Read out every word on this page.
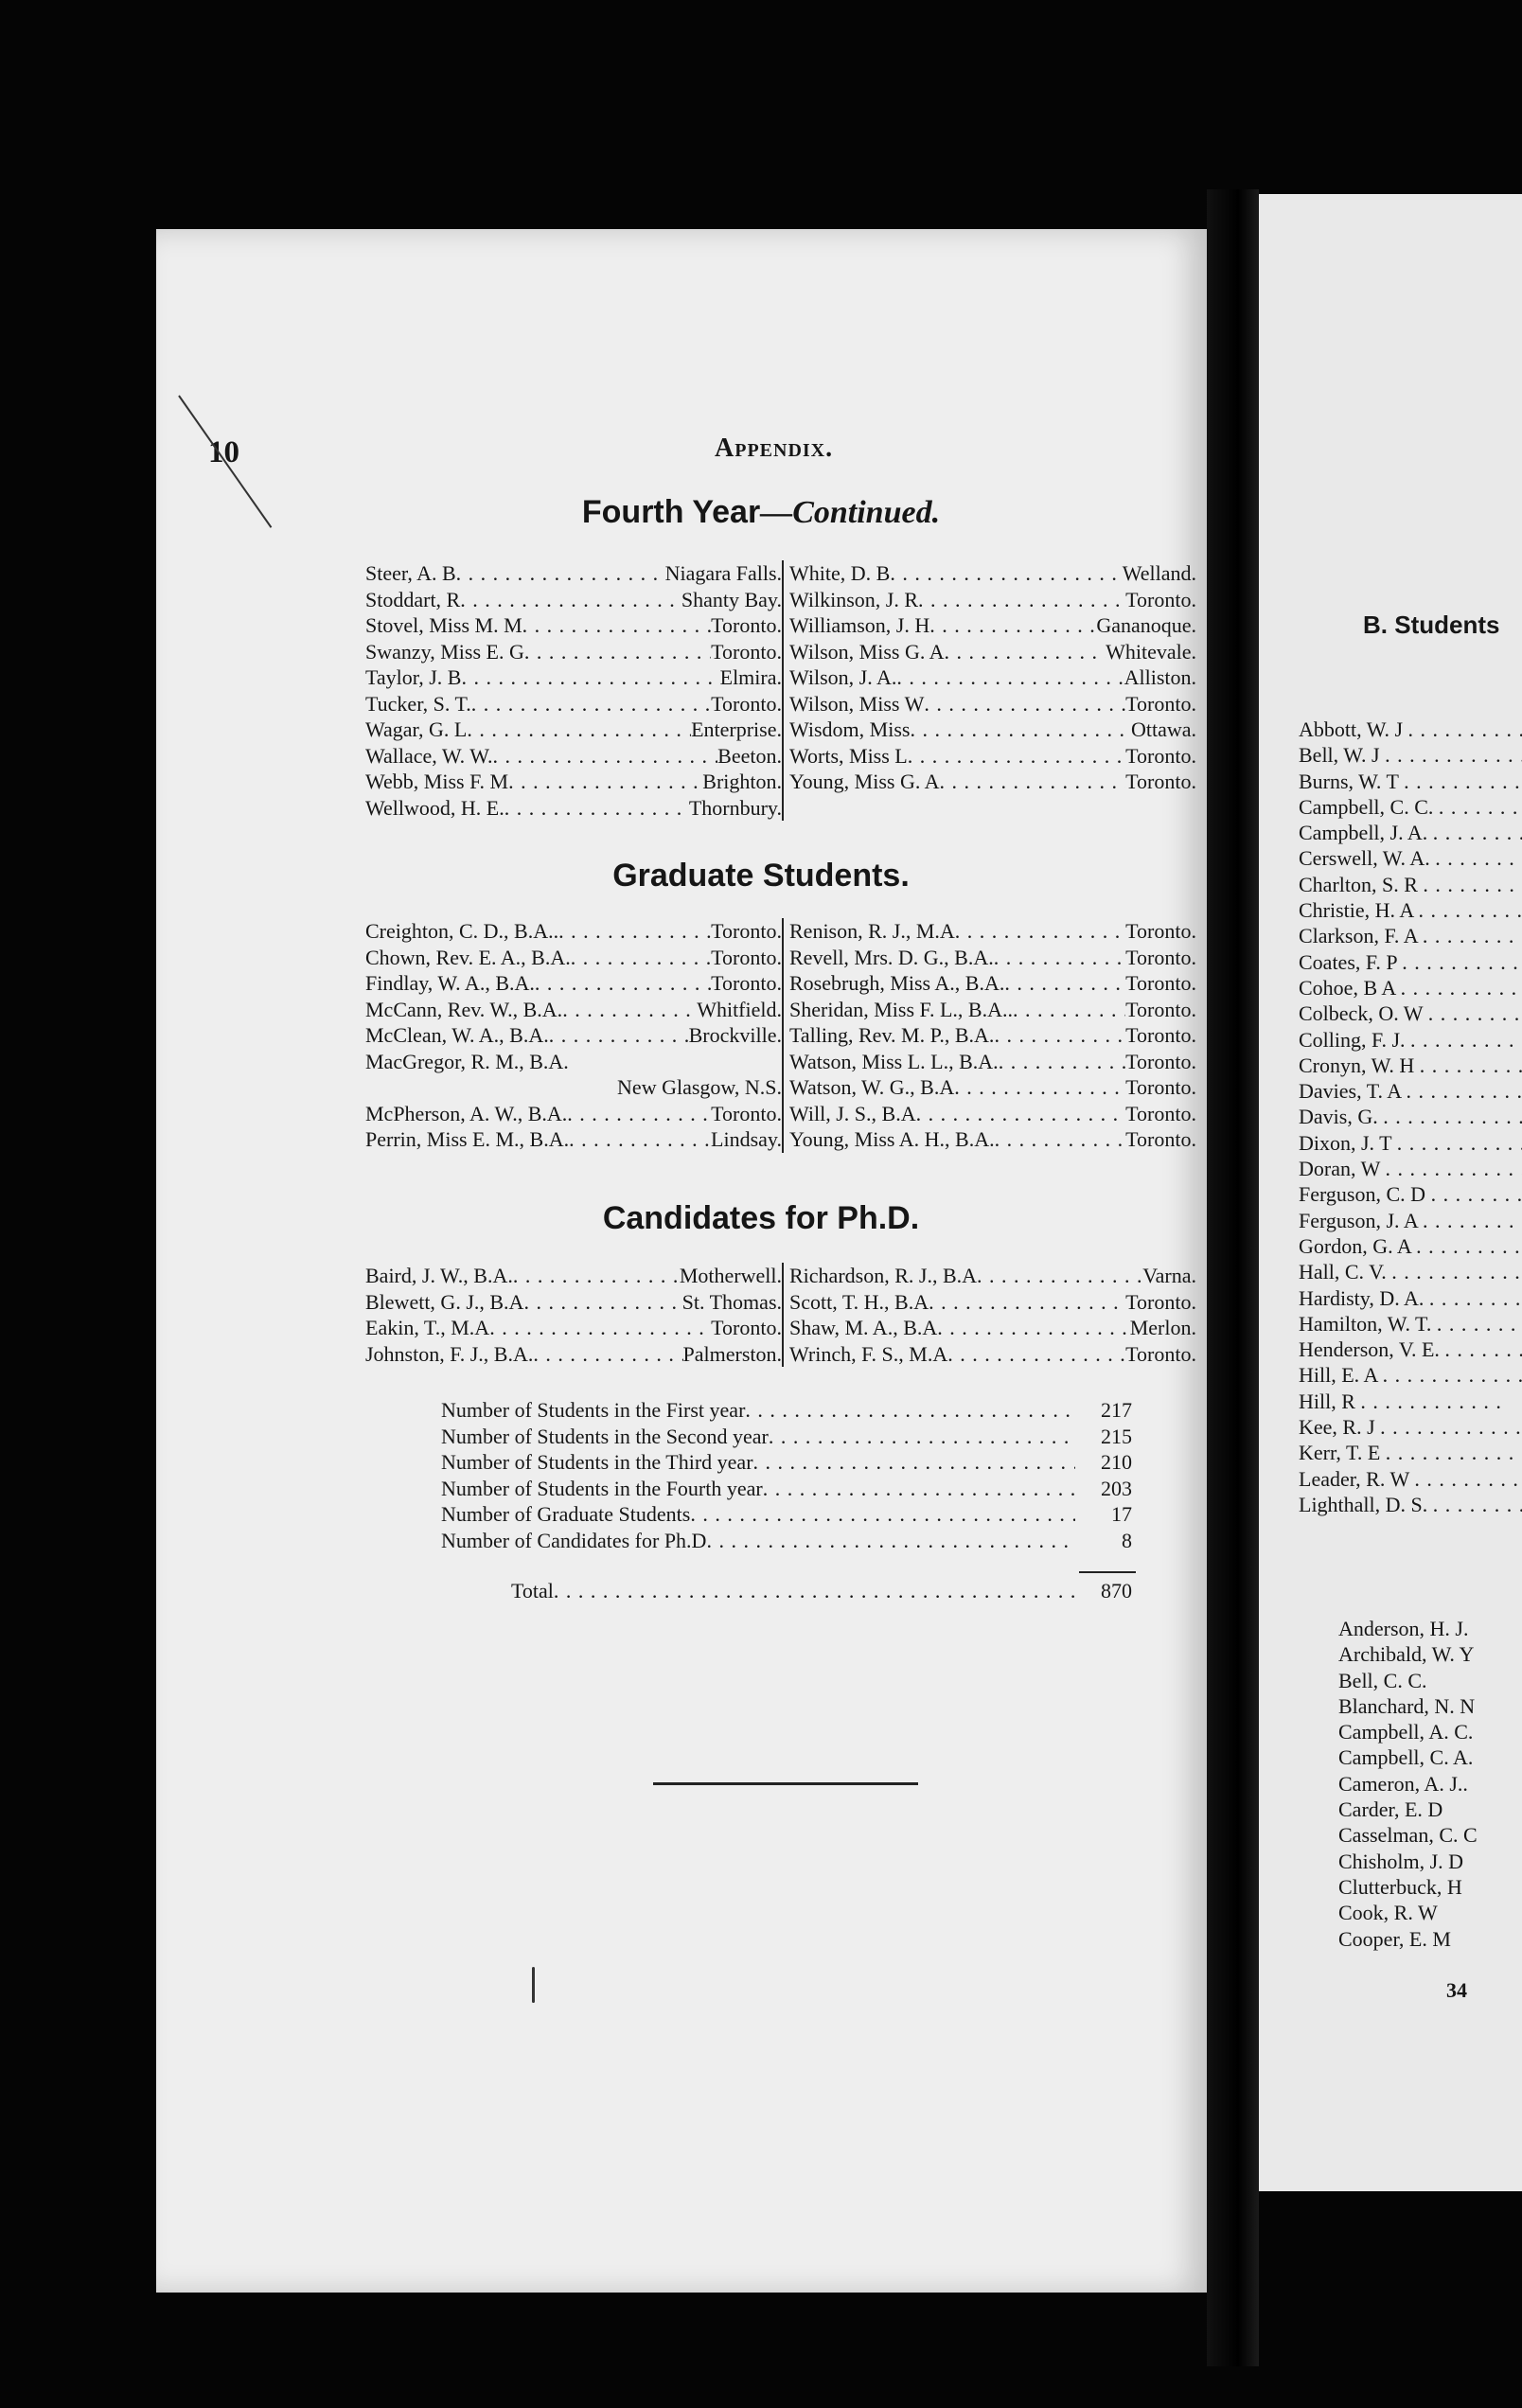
10	Appendix.
Fourth Year—Continued.
Steer, A. B . . .	Niagara Falls.
Stoddart, R . . .	Shanty Bay.
Stovel, Miss M. M . . .	Toronto.
Swanzy, Miss E. G . . .	Toronto.
Taylor, J. B . . .	Elmira.
Tucker, S. T. . . .	Toronto.
Wagar, G. L . . .	Enterprise.
Wallace, W. W. . . .	Beeton.
Webb, Miss F. M . . .	Brighton.
Wellwood, H. E. . . .	Thornbury.
White, D. B . . .	Welland.
Wilkinson, J. R . . .	Toronto.
Williamson, J. H . . .	Gananoque.
Wilson, Miss G. A . . .	Whitevale.
Wilson, J. A. . . .	Alliston.
Wilson, Miss W . . .	Toronto.
Wisdom, Miss . . .	Ottawa.
Worts, Miss L . . .	Toronto.
Young, Miss G. A . . .	Toronto.
Graduate Students.
Creighton, C. D., B.A.. . . .	Toronto.
Chown, Rev. E. A., B.A. . . .	Toronto.
Findlay, W. A., B.A. . . .	Toronto.
McCann, Rev. W., B.A. . . .	Whitfield.
McClean, W. A., B.A. . . .	Brockville.
MacGregor, R. M., B.A.
New Glasgow, N.S.
McPherson, A. W., B.A. . . .	Toronto.
Perrin, Miss E. M., B.A. . . .	Lindsay.
Renison, R. J., M.A . . .	Toronto.
Revell, Mrs. D. G., B.A. . . .	Toronto.
Rosebrugh, Miss A., B.A. . . .	Toronto.
Sheridan, Miss F. L., B.A.. . . .	Toronto.
Talling, Rev. M. P., B.A. . . .	Toronto.
Watson, Miss L. L., B.A. . . .	Toronto.
Watson, W. G., B.A . . .	Toronto.
Will, J. S., B.A . . .	Toronto.
Young, Miss A. H., B.A. . . .	Toronto.
Candidates for Ph.D.
Baird, J. W., B.A. . . .	Motherwell.
Blewett, G. J., B.A . . .	St. Thomas.
Eakin, T., M.A . . .	Toronto.
Johnston, F. J., B.A. . . .	Palmerston.
Richardson, R. J., B.A . . .	Varna.
Scott, T. H., B.A . . .	Toronto.
Shaw, M. A., B.A . . .	Merlon.
Wrinch, F. S., M.A . . .	Toronto.
Number of Students in the First year . . .	217
Number of Students in the Second year . . .	215
Number of Students in the Third year . . .	210
Number of Students in the Fourth year . . .	203
Number of Graduate Students . . .	17
Number of Candidates for Ph.D . . .	8
Total . . .	870
B. Students
Abbott, W. J . . .
Bell, W. J . . .
Burns, W. T . . .
Campbell, C. C. . . .
Campbell, J. A. . . .
Cerswell, W. A. . . .
Charlton, S. R . . .
Christie, H. A . . .
Clarkson, F. A . . .
Coates, F. P . . .
Cohoe, B A . . .
Colbeck, O. W . . .
Colling, F. J. . . .
Cronyn, W. H . . .
Davies, T. A . . .
Davis, G. . . .
Dixon, J. T . . .
Doran, W . . .
Ferguson, C. D . . .
Ferguson, J. A . . .
Gordon, G. A . . .
Hall, C. V. . . .
Hardisty, D. A. . . .
Hamilton, W. T. . . .
Henderson, V. E. . . .
Hill, E. A . . .
Hill, R . . .
Kee, R. J . . .
Kerr, T. E . . .
Leader, R. W . . .
Lighthall, D. S. . . .
Anderson, H. J.
Archibald, W. Y
Bell, C. C.
Blanchard, N. N
Campbell, A. C.
Campbell, C. A.
Cameron, A. J..
Carder, E. D
Casselman, C. C
Chisholm, J. D
Clutterbuck, H
Cook, R. W
Cooper, E. M
34
